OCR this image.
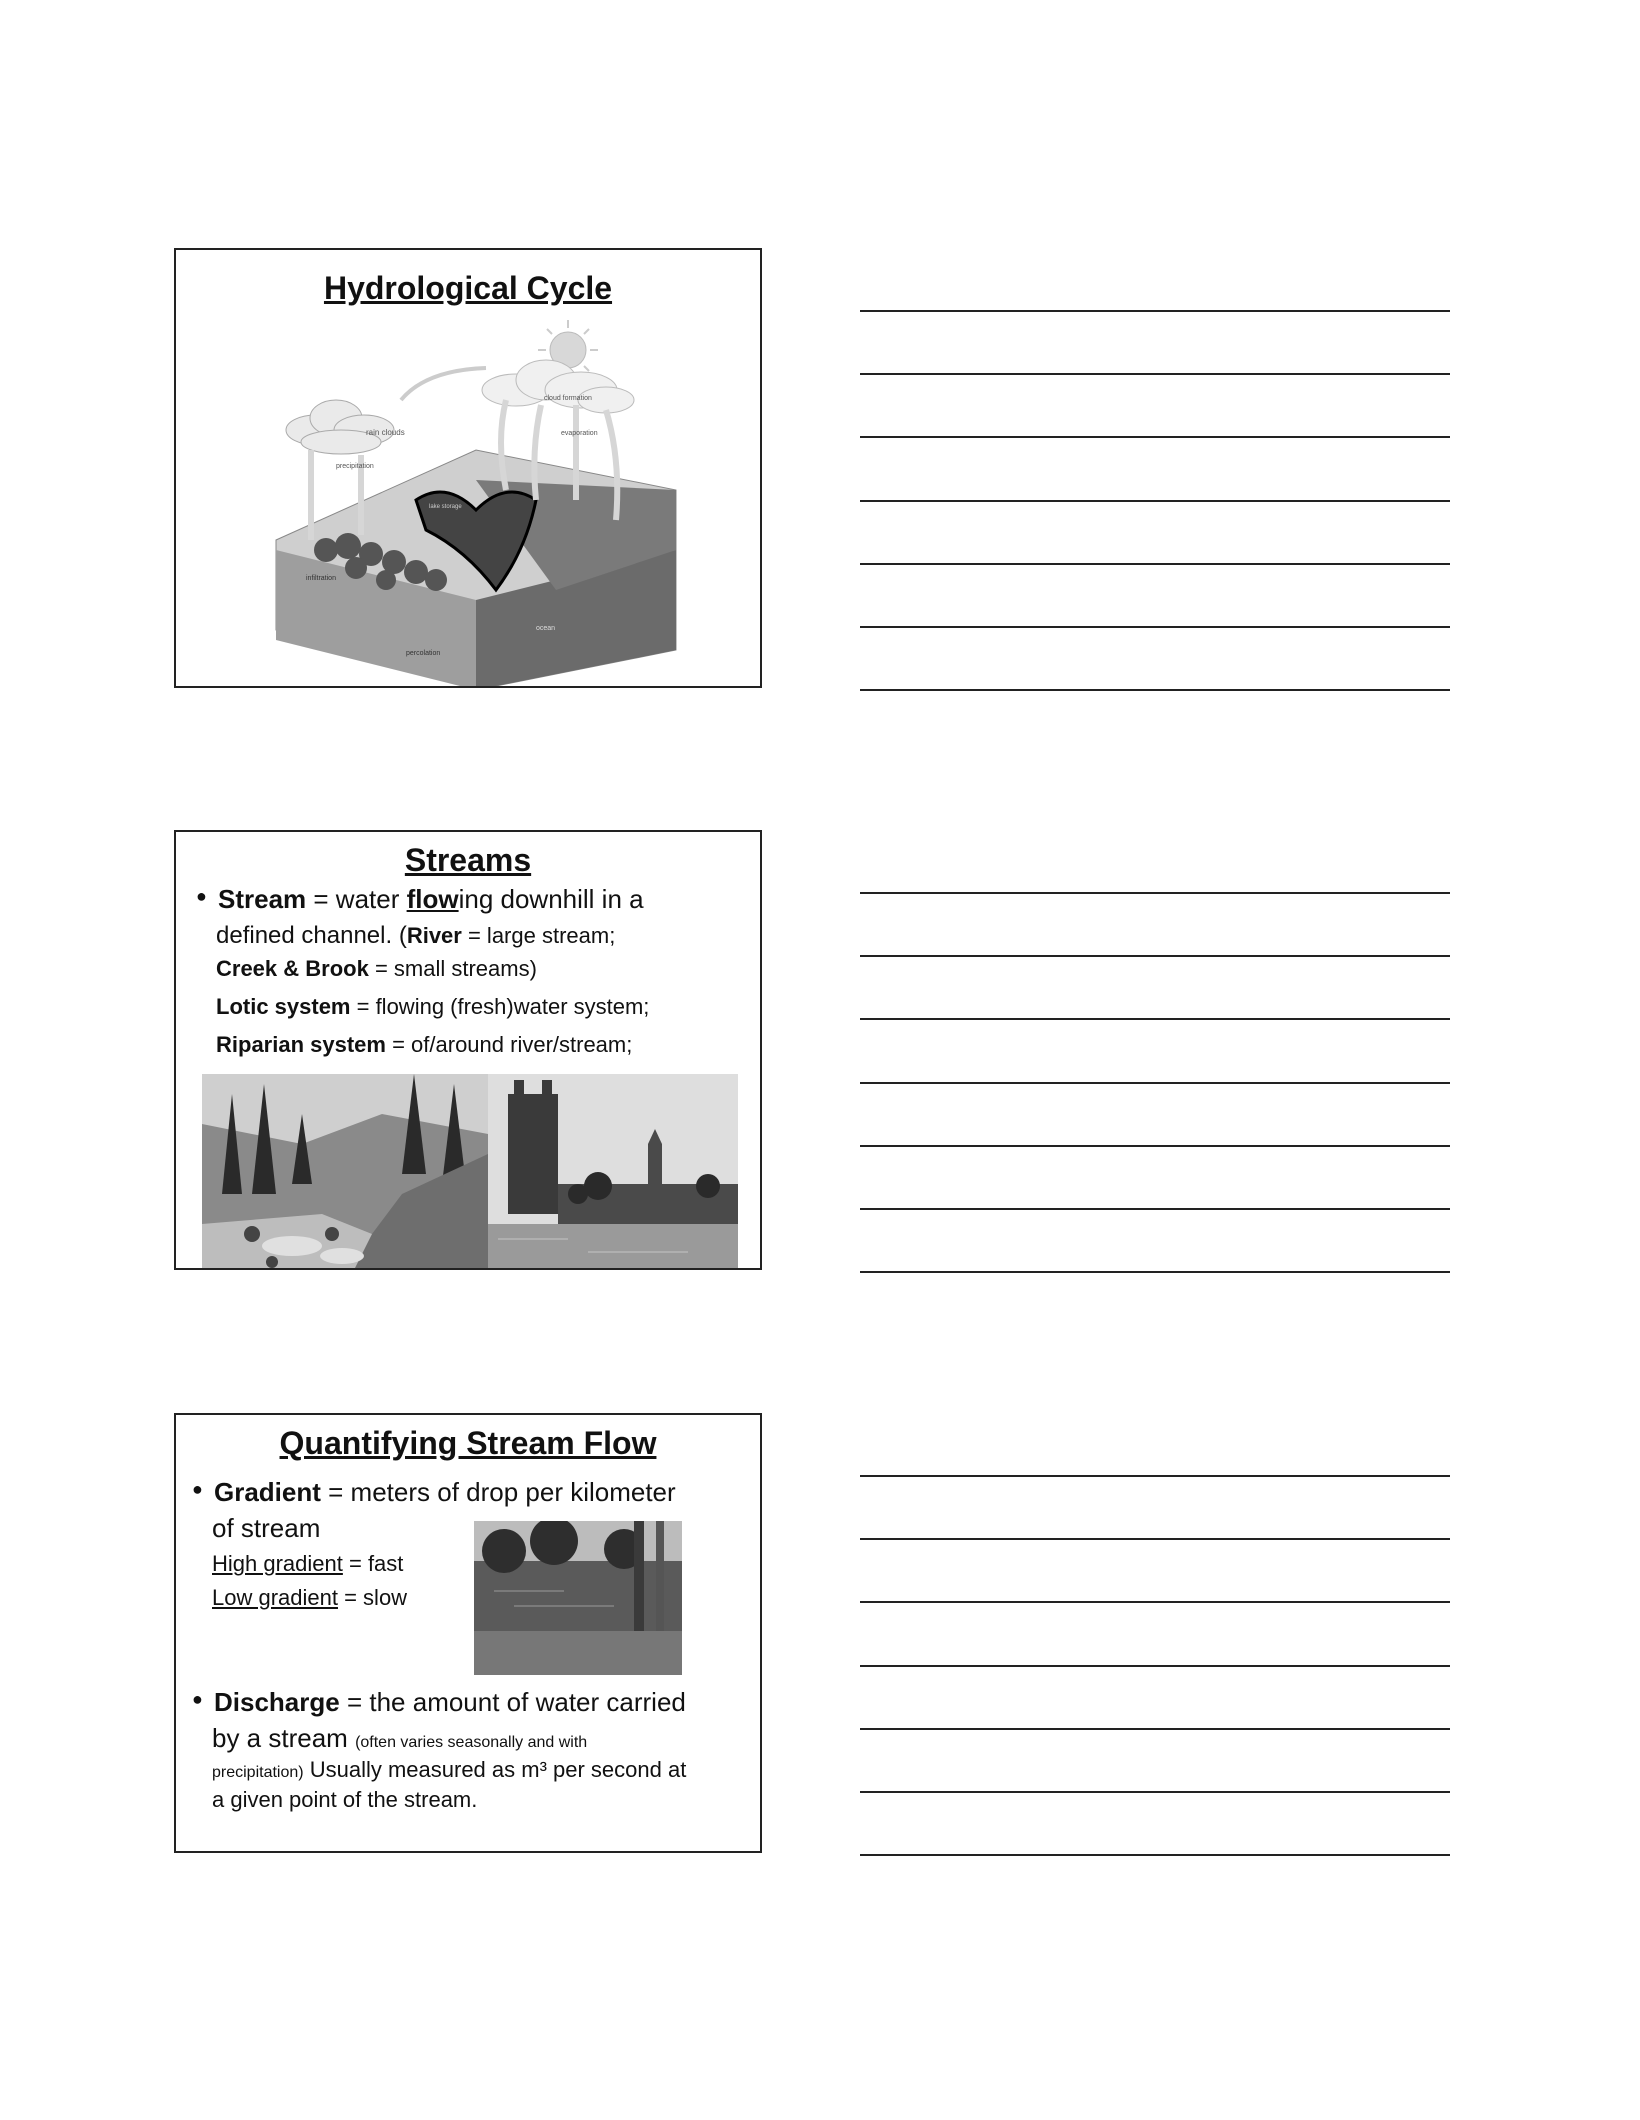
Hydrological Cycle
rain clouds
precipitation
cloud formation
evaporation
infiltration
percolation
ocean
lake storage
Streams
● Stream = water flowing downhill in a
defined channel. (River = large stream;
Creek & Brook = small streams)
Lotic system = flowing (fresh)water system;
Riparian system = of/around river/stream;
Quantifying Stream Flow
● Gradient = meters of drop per kilometer
of stream
High gradient = fast
Low gradient = slow
● Discharge = the amount of water carried
by a stream (often varies seasonally and with
precipitation) Usually measured as m³ per second at
a given point of the stream.
